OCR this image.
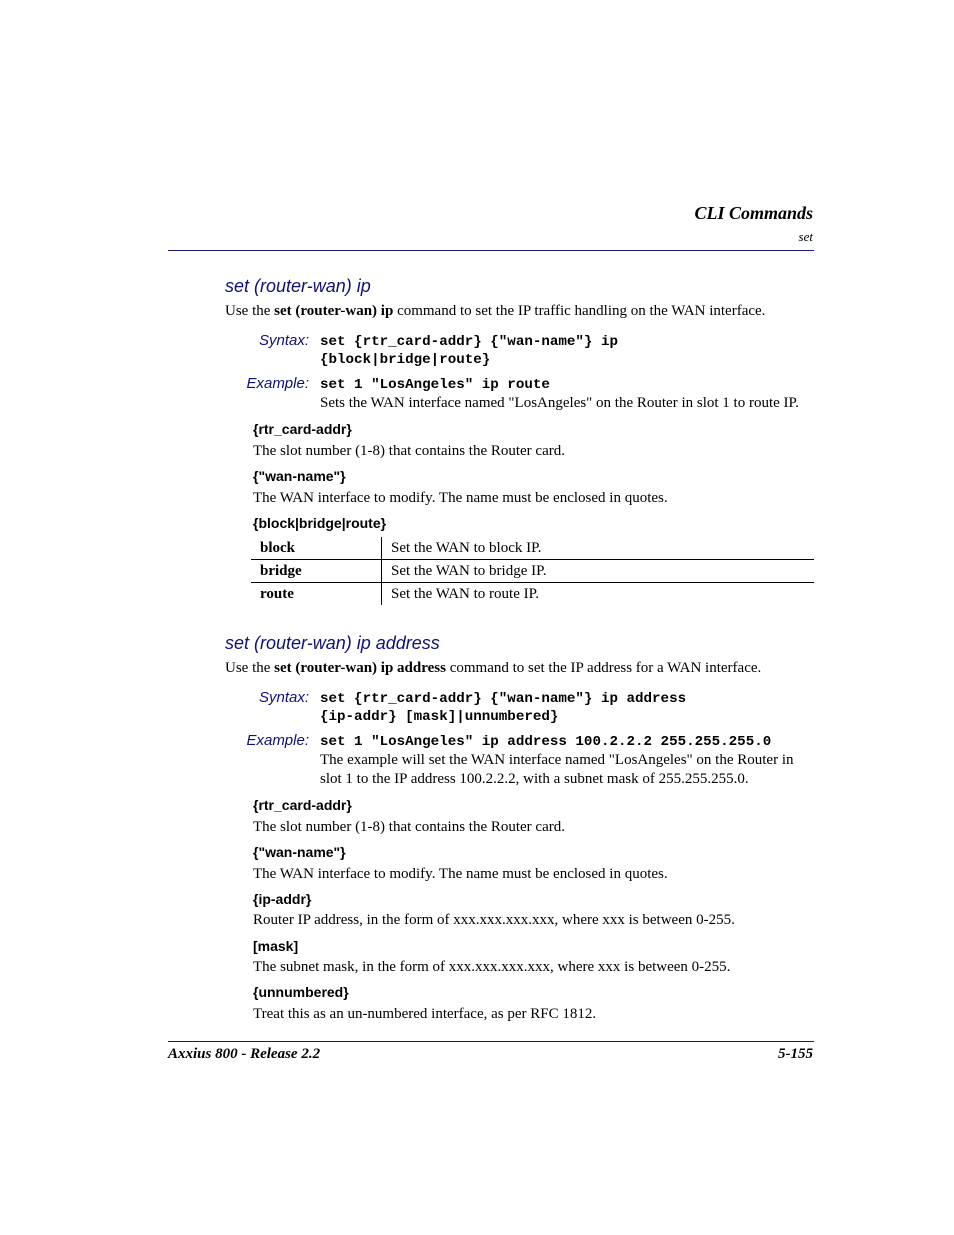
CLI Commands
set
set (router-wan) ip
Use the set (router-wan) ip command to set the IP traffic handling on the WAN interface.
Syntax: set {rtr_card-addr} {"wan-name"} ip
{block|bridge|route}
Example: set 1 "LosAngeles" ip route
Sets the WAN interface named "LosAngeles" on the Router in slot 1 to route IP.
{rtr_card-addr}
The slot number (1-8) that contains the Router card.
{"wan-name"}
The WAN interface to modify. The name must be enclosed in quotes.
{block|bridge|route}
block	Set the WAN to block IP.
bridge	Set the WAN to bridge IP.
route	Set the WAN to route IP.
set (router-wan) ip address
Use the set (router-wan) ip address command to set the IP address for a WAN interface.
Syntax: set {rtr_card-addr} {"wan-name"} ip address
{ip-addr} [mask]|unnumbered}
Example: set 1 "LosAngeles" ip address 100.2.2.2 255.255.255.0
The example will set the WAN interface named "LosAngeles" on the Router in
slot 1 to the IP address 100.2.2.2, with a subnet mask of 255.255.255.0.
{rtr_card-addr}
The slot number (1-8) that contains the Router card.
{"wan-name"}
The WAN interface to modify. The name must be enclosed in quotes.
{ip-addr}
Router IP address, in the form of xxx.xxx.xxx.xxx, where xxx is between 0-255.
[mask]
The subnet mask, in the form of xxx.xxx.xxx.xxx, where xxx is between 0-255.
{unnumbered}
Treat this as an un-numbered interface, as per RFC 1812.
Axxius 800 - Release 2.2	5-155
